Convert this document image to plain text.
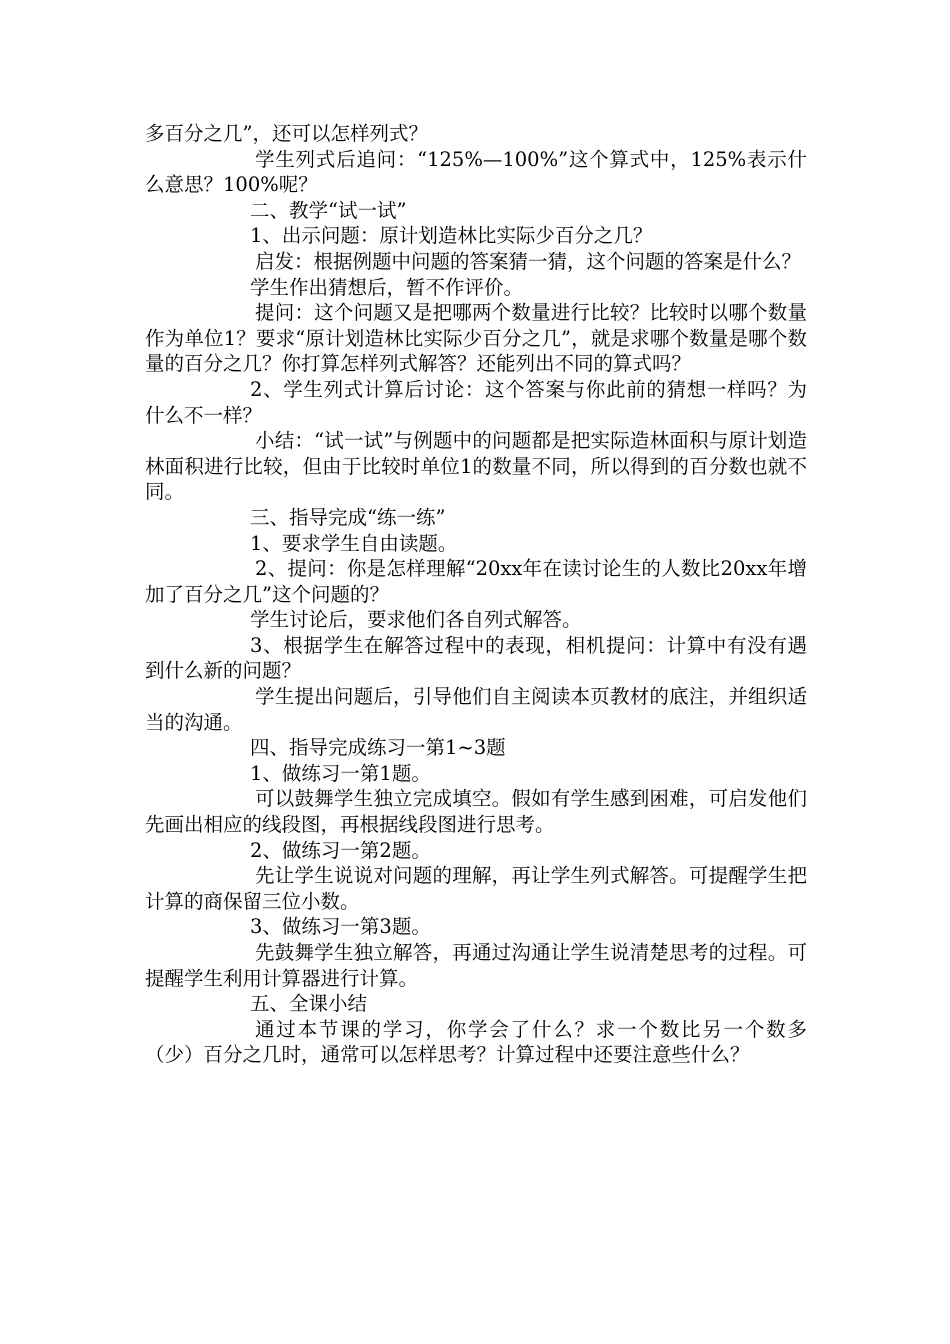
多百分之几”，还可以怎样列式？

学生列式后追问：“125%—100%”这个算式中，125%表示什么意思？100%呢？

二、教学“试一试”

1、出示问题：原计划造林比实际少百分之几？

启发：根据例题中问题的答案猜一猜，这个问题的答案是什么？

学生作出猜想后，暂不作评价。

提问：这个问题又是把哪两个数量进行比较？比较时以哪个数量作为单位1？要求“原计划造林比实际少百分之几”，就是求哪个数量是哪个数量的百分之几？你打算怎样列式解答？还能列出不同的算式吗？

2、学生列式计算后讨论：这个答案与你此前的猜想一样吗？为什么不一样？

小结：“试一试”与例题中的问题都是把实际造林面积与原计划造林面积进行比较，但由于比较时单位1的数量不同，所以得到的百分数也就不同。

三、指导完成“练一练”

1、要求学生自由读题。

2、提问：你是怎样理解“20xx年在读讨论生的人数比20xx年增加了百分之几”这个问题的？

学生讨论后，要求他们各自列式解答。

3、根据学生在解答过程中的表现，相机提问：计算中有没有遇到什么新的问题？

学生提出问题后，引导他们自主阅读本页教材的底注，并组织适当的沟通。

四、指导完成练习一第1~3题

1、做练习一第1题。

可以鼓舞学生独立完成填空。假如有学生感到困难，可启发他们先画出相应的线段图，再根据线段图进行思考。

2、做练习一第2题。

先让学生说说对问题的理解，再让学生列式解答。可提醒学生把计算的商保留三位小数。

3、做练习一第3题。

先鼓舞学生独立解答，再通过沟通让学生说清楚思考的过程。可提醒学生利用计算器进行计算。

五、全课小结

通过本节课的学习，你学会了什么？求一个数比另一个数多（少）百分之几时，通常可以怎样思考？计算过程中还要注意些什么？
